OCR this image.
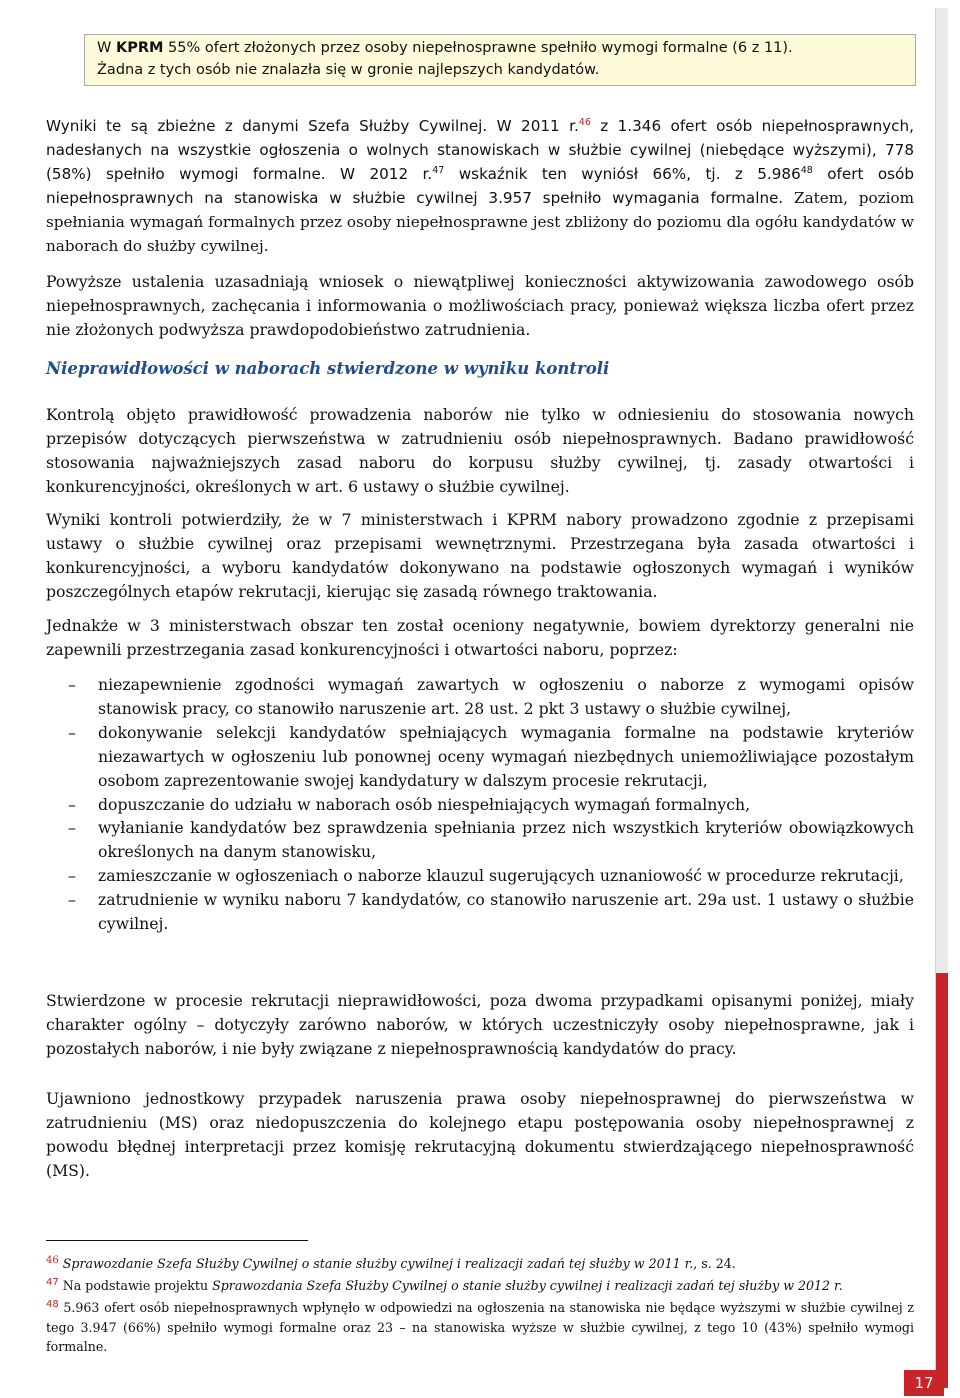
W KPRM 55% ofert złożonych przez osoby niepełnosprawne spełniło wymogi formalne (6 z 11).
Żadna z tych osób nie znalazła się w gronie najlepszych kandydatów.

Wyniki te są zbieżne z danymi Szefa Służby Cywilnej. W 2011 r.$^{46}$ z 1.346 ofert osób niepełnosprawnych, nadesłanych na wszystkie ogłoszenia o wolnych stanowiskach w służbie cywilnej (niebędące wyższymi), 778 (58%) spełniło wymogi formalne. W 2012 r.$^{47}$ wskaźnik ten wyniósł 66%, tj. z 5.986$^{48}$ ofert osób niepełnosprawnych na stanowiska w służbie cywilnej 3.957 spełniło wymagania formalne. Zatem, poziom spełniania wymagań formalnych przez osoby niepełnosprawne jest zbliżony do poziomu dla ogółu kandydatów w naborach do służby cywilnej.

Powyższe ustalenia uzasadniają wniosek o niewątpliwej konieczności aktywizowania zawodowego osób niepełnosprawnych, zachęcania i informowania o możliwościach pracy, ponieważ większa liczba ofert przez nie złożonych podwyższa prawdopodobieństwo zatrudnienia.

Nieprawidłowości w naborach stwierdzone w wyniku kontroli

Kontrolą objęto prawidłowość prowadzenia naborów nie tylko w odniesieniu do stosowania nowych przepisów dotyczących pierwszeństwa w zatrudnieniu osób niepełnosprawnych. Badano prawidłowość stosowania najważniejszych zasad naboru do korpusu służby cywilnej, tj. zasady otwartości i konkurencyjności, określonych w art. 6 ustawy o służbie cywilnej.

Wyniki kontroli potwierdziły, że w 7 ministerstwach i KPRM nabory prowadzono zgodnie z przepisami ustawy o służbie cywilnej oraz przepisami wewnętrznymi. Przestrzegana była zasada otwartości i konkurencyjności, a wyboru kandydatów dokonywano na podstawie ogłoszonych wymagań i wyników poszczególnych etapów rekrutacji, kierując się zasadą równego traktowania.

Jednakże w 3 ministerstwach obszar ten został oceniony negatywnie, bowiem dyrektorzy generalni nie zapewnili przestrzegania zasad konkurencyjności i otwartości naboru, poprzez:

– niezapewnienie zgodności wymagań zawartych w ogłoszeniu o naborze z wymogami opisów stanowisk pracy, co stanowiło naruszenie art. 28 ust. 2 pkt 3 ustawy o służbie cywilnej,
– dokonywanie selekcji kandydatów spełniających wymagania formalne na podstawie kryteriów niezawartych w ogłoszeniu lub ponownej oceny wymagań niezbędnych uniemożliwiające pozostałym osobom zaprezentowanie swojej kandydatury w dalszym procesie rekrutacji,
– dopuszczanie do udziału w naborach osób niespełniających wymagań formalnych,
– wyłanianie kandydatów bez sprawdzenia spełniania przez nich wszystkich kryteriów obowiązkowych określonych na danym stanowisku,
– zamieszczanie w ogłoszeniach o naborze klauzul sugerujących uznaniowość w procedurze rekrutacji,
– zatrudnienie w wyniku naboru 7 kandydatów, co stanowiło naruszenie art. 29a ust. 1 ustawy o służbie cywilnej.

Stwierdzone w procesie rekrutacji nieprawidłowości, poza dwoma przypadkami opisanymi poniżej, miały charakter ogólny – dotyczyły zarówno naborów, w których uczestniczyły osoby niepełnosprawne, jak i pozostałych naborów, i nie były związane z niepełnosprawnością kandydatów do pracy.

Ujawniono jednostkowy przypadek naruszenia prawa osoby niepełnosprawnej do pierwszeństwa w zatrudnieniu (MS) oraz niedopuszczenia do kolejnego etapu postępowania osoby niepełnosprawnej z powodu błędnej interpretacji przez komisję rekrutacyjną dokumentu stwierdzającego niepełnosprawność (MS).

$^{46}$ Sprawozdanie Szefa Służby Cywilnej o stanie służby cywilnej i realizacji zadań tej służby w 2011 r., s. 24.

$^{47}$ Na podstawie projektu Sprawozdania Szefa Służby Cywilnej o stanie służby cywilnej i realizacji zadań tej służby w 2012 r.

$^{48}$ 5.963 ofert osób niepełnosprawnych wpłynęło w odpowiedzi na ogłoszenia na stanowiska nie będące wyższymi w służbie cywilnej z tego 3.947 (66%) spełniło wymogi formalne oraz 23 – na stanowiska wyższe w służbie cywilnej, z tego 10 (43%) spełniło wymogi formalne.

17
